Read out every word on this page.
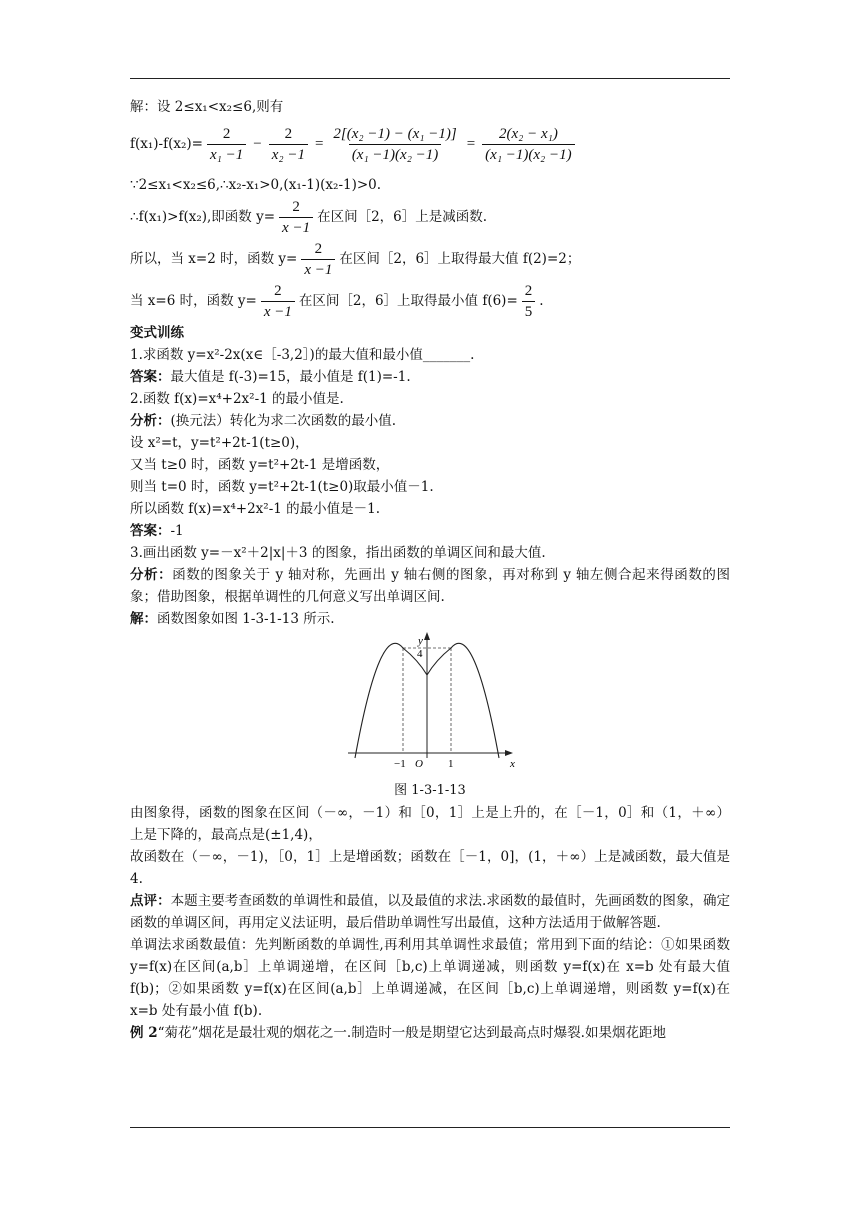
解：设 2≤x₁<x₂≤6,则有
$f(x_1)-f(x_2)= \frac{2}{\text{x₁ −1}} - \frac{2}{\text{x₂ −1}} = \frac{\text{2[(x₂ −1) − (x₁ −1)]}}{\text{(x₁ −1)(x₂ −1)}} = \frac{\text{2(x₂ − x₁)}}{\text{(x₁ −1)(x₂ −1)}}$
∵2≤x₁<x₂≤6,∴x₂-x₁>0,(x₁-1)(x₂-1)>0.
∴f(x₁)>f(x₂),即函数 $y= \frac{2}{x -1}$ 在区间［2，6］上是减函数.
所以，当 x=2 时，函数 $y= \frac{2}{x -1}$ 在区间［2，6］上取得最大值 f(2)=2；
当 x=6 时，函数 $y= \frac{2}{x -1}$ 在区间［2，6］上取得最小值 $f(6)= \frac{2}{5}$ .
变式训练
1.求函数 y=x²-2x(x∈［-3,2］)的最大值和最小值_______.
答案：最大值是 f(-3)=15，最小值是 f(1)=-1.
2.函数 f(x)=x⁴+2x²-1 的最小值是.
分析：(换元法）转化为求二次函数的最小值.
设 x²=t，y=t²+2t-1(t≥0)，
又当 t≥0 时，函数 y=t²+2t-1 是增函数，
则当 t=0 时，函数 y=t²+2t-1(t≥0)取最小值－1.
所以函数 f(x)=x⁴+2x²-1 的最小值是－1.
答案：-1
3.画出函数 y=－x²＋2|x|＋3 的图象，指出函数的单调区间和最大值.
分析：函数的图象关于 y 轴对称，先画出 y 轴右侧的图象，再对称到 y 轴左侧合起来得函数的图象；借助图象，根据单调性的几何意义写出单调区间.
解：函数图象如图 1-3-1-13 所示.
y
x
4
−1 O 1
图 1-3-1-13
由图象得，函数的图象在区间（－∞，－1）和［0，1］上是上升的，在［－1，0］和（1，＋∞）上是下降的，最高点是(±1,4)，
故函数在（－∞，－1)，［0，1］上是增函数；函数在［－1，0]，(1，＋∞）上是减函数，最大值是 4.
点评：本题主要考查函数的单调性和最值，以及最值的求法.求函数的最值时，先画函数的图象，确定函数的单调区间，再用定义法证明，最后借助单调性写出最值，这种方法适用于做解答题.
单调法求函数最值：先判断函数的单调性,再利用其单调性求最值；常用到下面的结论：①如果函数 y=f(x)在区间(a,b］上单调递增，在区间［b,c)上单调递减，则函数 y=f(x)在 x=b 处有最大值 f(b)；②如果函数 y=f(x)在区间(a,b］上单调递减，在区间［b,c)上单调递增，则函数 y=f(x)在 x=b 处有最小值 f(b).
例 2“菊花”烟花是最壮观的烟花之一.制造时一般是期望它达到最高点时爆裂.如果烟花距地
